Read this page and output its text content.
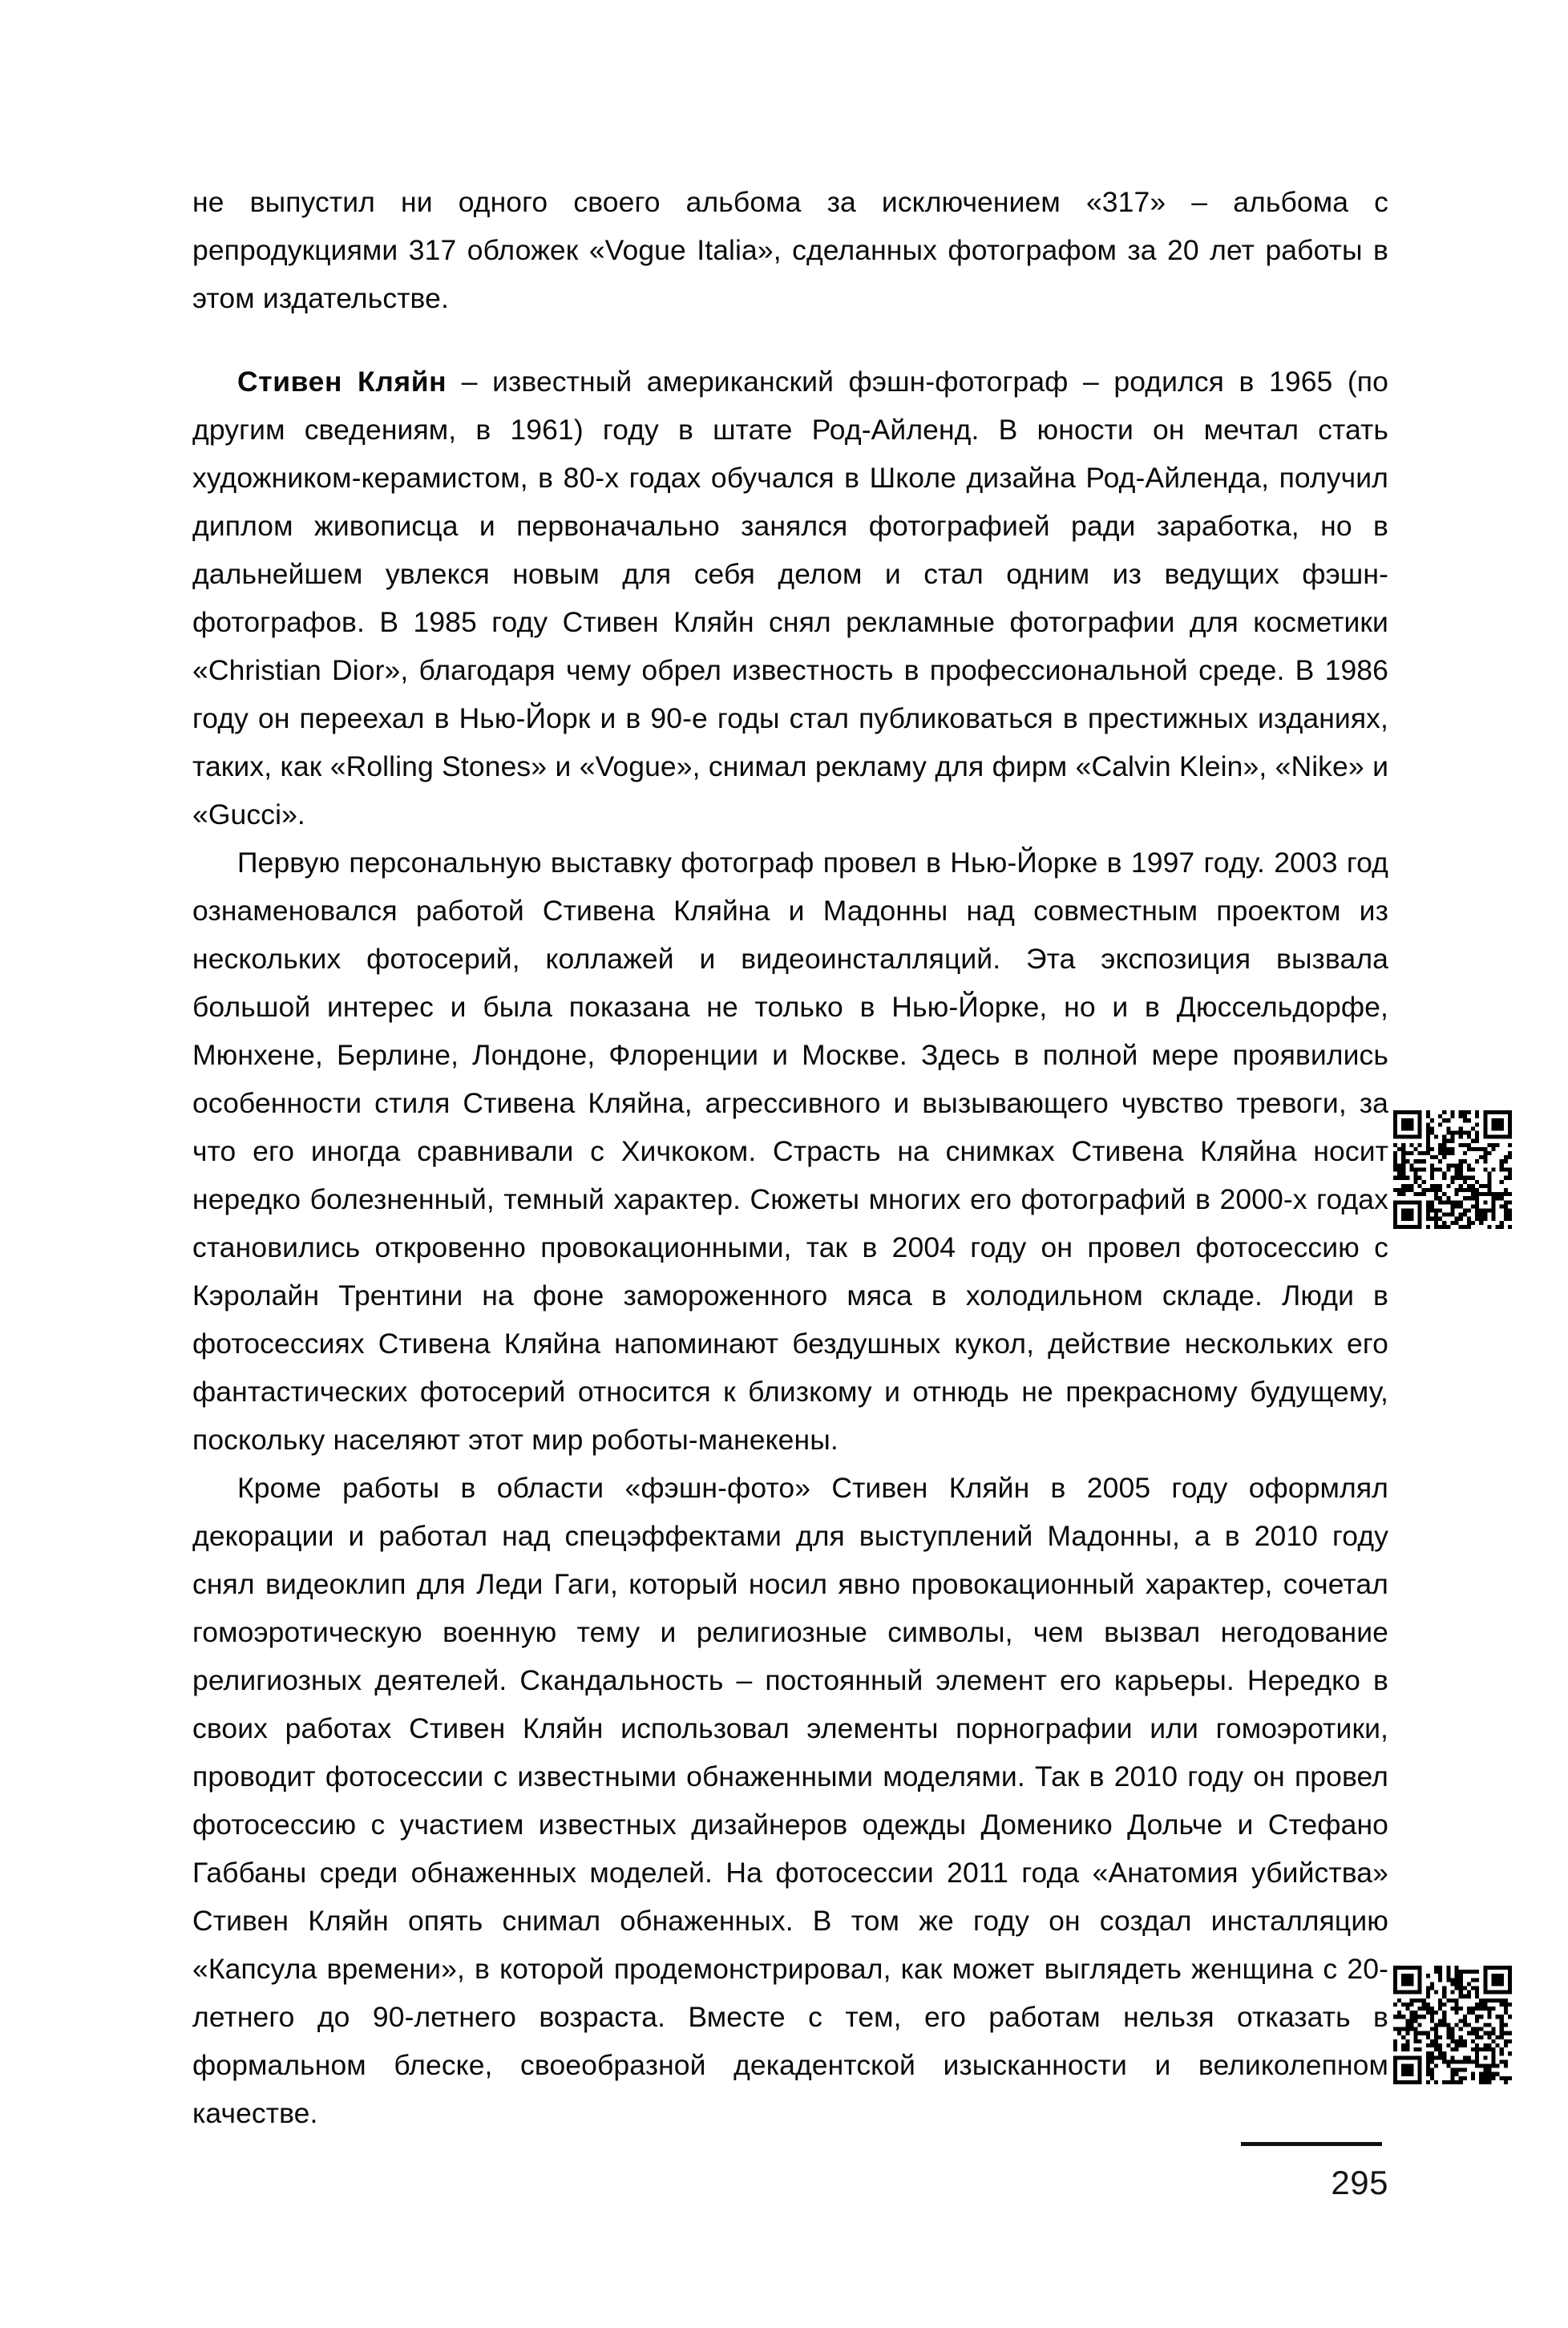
не выпустил ни одного своего альбома за исключением «317» – альбома с репродукциями 317 обложек «Vogue Italia», сделанных фотографом за 20 лет работы в этом издательстве.

Стивен Кляйн – известный американский фэшн-фотограф – родился в 1965 (по другим сведениям, в 1961) году в штате Род-Айленд. В юности он мечтал стать художником-керамистом, в 80-х годах обучался в Школе дизайна Род-Айленда, получил диплом живописца и первоначально занялся фотографией ради заработка, но в дальнейшем увлекся новым для себя делом и стал одним из ведущих фэшн-фотографов. В 1985 году Стивен Кляйн снял рекламные фотографии для косметики «Christian Dior», благодаря чему обрел известность в профессиональной среде. В 1986 году он переехал в Нью-Йорк и в 90-е годы стал публиковаться в престижных изданиях, таких, как «Rolling Stones» и «Vogue», снимал рекламу для фирм «Calvin Klein», «Nike» и «Gucci».

Первую персональную выставку фотограф провел в Нью-Йорке в 1997 году. 2003 год ознаменовался работой Стивена Кляйна и Мадонны над совместным проектом из нескольких фотосерий, коллажей и видеоинсталляций. Эта экспозиция вызвала большой интерес и была показана не только в Нью-Йорке, но и в Дюссельдорфе, Мюнхене, Берлине, Лондоне, Флоренции и Москве. Здесь в полной мере проявились особенности стиля Стивена Кляйна, агрессивного и вызывающего чувство тревоги, за что его иногда сравнивали с Хичкоком. Страсть на снимках Стивена Кляйна носит нередко болезненный, темный характер. Сюжеты многих его фотографий в 2000-х годах становились откровенно провокационными, так в 2004 году он провел фотосессию с Кэролайн Трентини на фоне замороженного мяса в холодильном складе. Люди в фотосессиях Стивена Кляйна напоминают бездушных кукол, действие нескольких его фантастических фотосерий относится к близкому и отнюдь не прекрасному будущему, поскольку населяют этот мир роботы-манекены.

Кроме работы в области «фэшн-фото» Стивен Кляйн в 2005 году оформлял декорации и работал над спецэффектами для выступлений Мадонны, а в 2010 году снял видеоклип для Леди Гаги, который носил явно провокационный характер, сочетал гомоэротическую военную тему и религиозные символы, чем вызвал негодование религиозных деятелей. Скандальность – постоянный элемент его карьеры. Нередко в своих работах Стивен Кляйн использовал элементы порнографии или гомоэротики, проводит фотосессии с известными обнаженными моделями. Так в 2010 году он провел фотосессию с участием известных дизайнеров одежды Доменико Дольче и Стефано Габбаны среди обнаженных моделей. На фотосессии 2011 года «Анатомия убийства» Стивен Кляйн опять снимал обнаженных. В том же году он создал инсталляцию «Капсула времени», в которой продемонстрировал, как может выглядеть женщина с 20-летнего до 90-летнего возраста. Вместе с тем, его работам нельзя отказать в формальном блеске, своеобразной декадентской изысканности и великолепном качестве.

295
